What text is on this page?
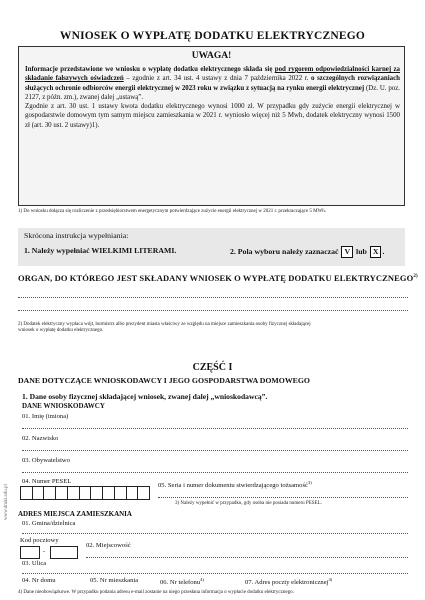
WNIOSEK O WYPŁATĘ DODATKU ELEKTRYCZNEGO
UWAGA!
Informacje przedstawione we wniosku o wypłatę dodatku elektrycznego składa się pod rygorem odpowiedzialności karnej za składanie fałszywych oświadczeń – zgodnie z art. 34 ust. 4 ustawy z dnia 7 października 2022 r. o szczególnych rozwiązaniach służących ochronie odbiorców energii elektrycznej w 2023 roku w związku z sytuacją na rynku energii elektrycznej (Dz. U. poz. 2127, z późn. zm.), zwanej dalej „ustawą”.
Zgodnie z art. 30 ust. 1 ustawy kwota dodatku elektrycznego wynosi 1000 zł. W przypadku gdy zużycie energii elektrycznej w gospodarstwie domowym tym samym miejscu zamieszkania w 2021 r. wyniosło więcej niż 5 Mwh, dodatek elektryczny wynosi 1500 zł (art. 30 ust. 2 ustawy)1).
1) Do wniosku dołącza się rozliczenie z przedsiębiorstwem energetycznym potwierdzające zużycie energii elektrycznej w 2021 r. przekraczające 5 MWh.
Skrócona instrukcja wypełniania:
1. Należy wypełniać WIELKIMI LITERAMI.	2. Pola wyboru należy zaznaczać V lub X .
ORGAN, DO KTÓREGO JEST SKŁADANY WNIOSEK O WYPŁATĘ DODATKU ELEKTRYCZNEGO$^{2)}$
2) Dodatek elektryczny wypłaca wójt, burmistrz albo prezydent miasta właściwy ze względu na miejsce zamieszkania osoby fizycznej składającej wniosek o wypłatę dodatku elektrycznego.
CZĘŚĆ I
DANE DOTYCZĄCE WNIOSKODAWCY I JEGO GOSPODARSTWA DOMOWEGO
1. Dane osoby fizycznej składającej wniosek, zwanej dalej „wnioskodawcą”.
DANE WNIOSKODAWCY
01. Imię (imiona)
02. Nazwisko
03. Obywatelstwo
04. Numer PESEL
05. Seria i numer dokumentu stwierdzającego tożsamość$^{3)}$
3) Należy wypełnić w przypadku, gdy osoba nie posiada numeru PESEL.
ADRES MIEJSCA ZAMIESZKANIA
01. Gmina/dzielnica
Kod pocztowy
-
02. Miejscowość
03. Ulica
04. Nr domu	05. Nr mieszkania	06. Nr telefonu$^{4)}$	07. Adres poczty elektronicznej$^{4)}$
4) Dane nieobowiązkowe. W przypadku podania adresu e-mail zostanie na niego przesłana informacja o wypłacie dodatku elektrycznego.
www.druki.edu.pl
